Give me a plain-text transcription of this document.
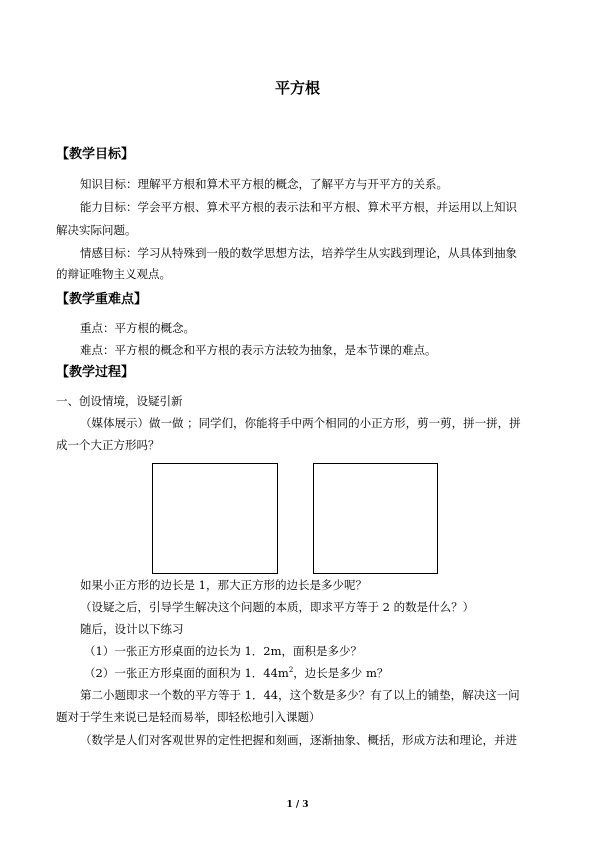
平方根
【教学目标】
知识目标：理解平方根和算术平方根的概念，了解平方与开平方的关系。
能力目标：学会平方根、算术平方根的表示法和平方根、算术平方根，并运用以上知识
解决实际问题。
情感目标：学习从特殊到一般的数学思想方法，培养学生从实践到理论，从具体到抽象
的辩证唯物主义观点。
【教学重难点】
重点：平方根的概念。
难点：平方根的概念和平方根的表示方法较为抽象，是本节课的难点。
【教学过程】
一、创设情境，设疑引新
（媒体展示）做一做 ；同学们，你能将手中两个相同的小正方形，剪一剪，拼一拼，拼
成一个大正方形吗？
如果小正方形的边长是 1，那大正方形的边长是多少呢？
（设疑之后，引导学生解决这个问题的本质，即求平方等于 2 的数是什么？）
随后，设计以下练习
（1）一张正方形桌面的边长为 1．2m，面积是多少？
（2）一张正方形桌面的面积为 1．$44m^2$，边长是多少 m？
第二小题即求一个数的平方等于 1．44，这个数是多少？有了以上的铺垫，解决这一问
题对于学生来说已是轻而易举，即轻松地引入课题）
（数学是人们对客观世界的定性把握和刻画，逐渐抽象、概括，形成方法和理论，并进
1 / 3
